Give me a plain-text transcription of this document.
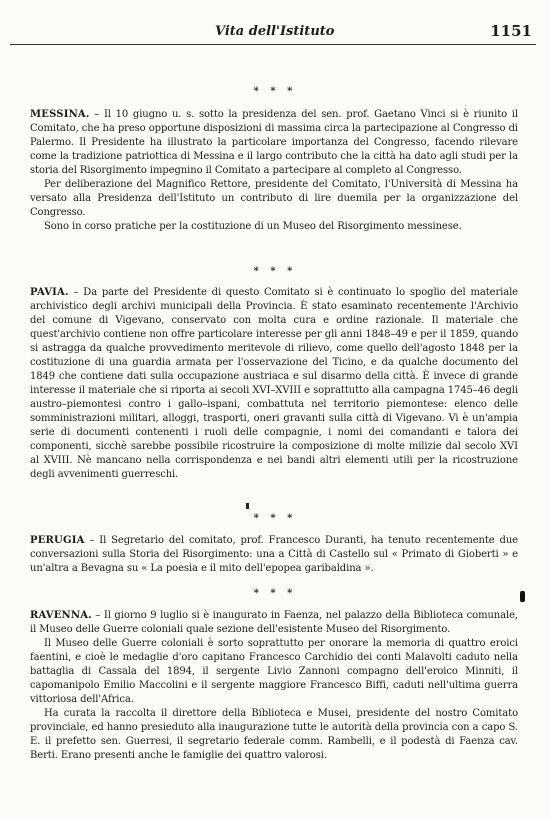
Vita dell'Istituto	1151
* * *

MESSINA. – Il 10 giugno u. s. sotto la presidenza del sen. prof. Gaetano Vinci si è riunito il Comitato, che ha preso opportune disposizioni di massima circa la partecipazione al Congresso di Palermo. Il Presidente ha illustrato la particolare importanza del Congresso, facendo rilevare come la tradizione patriottica di Messina e il largo contributo che la città ha dato agli studi per la storia del Risorgimento impegnino il Comitato a partecipare al completo al Congresso.

Per deliberazione del Magnifico Rettore, presidente del Comitato, l'Università di Messina ha versato alla Presidenza dell'Istituto un contributo di lire duemila per la organizzazione del Congresso.

Sono in corso pratiche per la costituzione di un Museo del Risorgimento messinese.

* * *

PAVIA. – Da parte del Presidente di questo Comitato si è continuato lo spoglio del materiale archivistico degli archivi municipali della Provincia. È stato esaminato recentemente l'Archivio del comune di Vigevano, conservato con molta cura e ordine razionale. Il materiale che quest'archivio contiene non offre particolare interesse per gli anni 1848–49 e per il 1859, quando si astragga da qualche provvedimento meritevole di rilievo, come quello dell'agosto 1848 per la costituzione di una guardia armata per l'osservazione del Ticino, e da qualche documento del 1849 che contiene dati sulla occupazione austriaca e sul disarmo della città. È invece di grande interesse il materiale che si riporta ai secoli XVI–XVIII e soprattutto alla campagna 1745–46 degli austro–piemontesi contro i gallo–ispani, combattuta nel territorio piemontese: elenco delle somministrazioni militari, alloggi, trasporti, oneri gravanti sulla città di Vigevano. Vi è un'ampia serie di documenti contenenti i ruoli delle compagnie, i nomi dei comandanti e talora dei componenti, sicchè sarebbe possibile ricostruire la composizione di molte milizie dal secolo XVI al XVIII. Nè mancano nella corrispondenza e nei bandi altri elementi utili per la ricostruzione degli avvenimenti guerreschi.

* * *

PERUGIA – Il Segretario del comitato, prof. Francesco Duranti, ha tenuto recentemente due conversazioni sulla Storia del Risorgimento: una a Città di Castello sul « Primato di Gioberti » e un'altra a Bevagna su « La poesia e il mito dell'epopea garibaldina ».

* * *

RAVENNA. – Il giorno 9 luglio si è inaugurato in Faenza, nel palazzo della Biblioteca comunale, il Museo delle Guerre coloniali quale sezione dell'esistente Museo del Risorgimento.

Il Museo delle Guerre coloniali è sorto soprattutto per onorare la memoria di quattro eroici faentini, e cioè le medaglie d'oro capitano Francesco Carchidio dei conti Malavolti caduto nella battaglia di Cassala del 1894, il sergente Livio Zannoni compagno dell'eroico Minniti, il capomanipolo Emilio Maccolini e il sergente maggiore Francesco Biffi, caduti nell'ultima guerra vittoriosa dell'Africa.

Ha curata la raccolta il direttore della Biblioteca e Musei, presidente del nostro Comitato provinciale, ed hanno presieduto alla inaugurazione tutte le autorità della provincia con a capo S. E. il prefetto sen. Guerresi, il segretario federale comm. Rambelli, e il podestà di Faenza cav. Berti. Erano presenti anche le famiglie dei quattro valorosi.
